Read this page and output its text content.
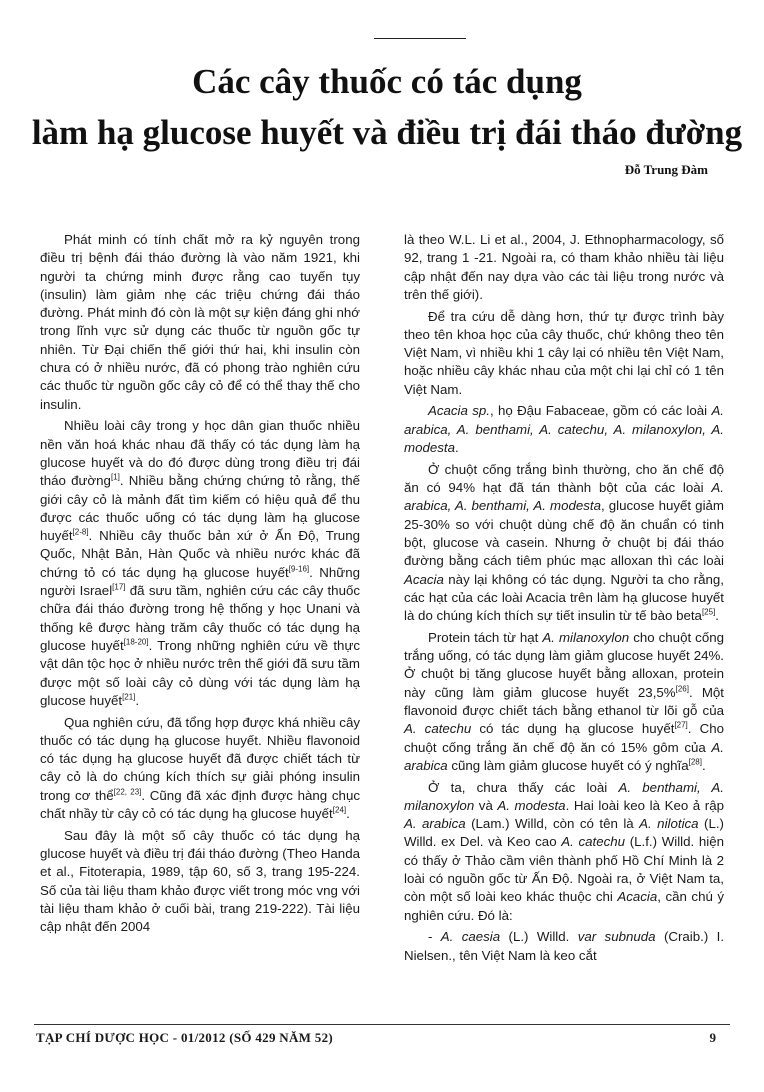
Các cây thuốc có tác dụng
làm hạ glucose huyết và điều trị đái tháo đường
Đỗ Trung Đàm

Phát minh có tính chất mở ra kỷ nguyên trong điều trị bệnh đái tháo đường là vào năm 1921, khi người ta chứng minh được rằng cao tuyến tụy (insulin) làm giảm nhẹ các triệu chứng đái tháo đường. Phát minh đó còn là một sự kiện đáng ghi nhớ trong lĩnh vực sử dụng các thuốc từ nguồn gốc tự nhiên. Từ Đại chiến thế giới thứ hai, khi insulin còn chưa có ở nhiều nước, đã có phong trào nghiên cứu các thuốc từ nguồn gốc cây cỏ để có thể thay thế cho insulin.

Nhiều loài cây trong y học dân gian thuốc nhiều nền văn hoá khác nhau đã thấy có tác dụng làm hạ glucose huyết và do đó được dùng trong điều trị đái tháo đường[1]. Nhiều bằng chứng chứng tỏ rằng, thế giới cây cỏ là mảnh đất tìm kiếm có hiệu quả để thu được các thuốc uống có tác dụng làm hạ glucose huyết[2-8]. Nhiều cây thuốc bản xứ ở Ấn Độ, Trung Quốc, Nhật Bản, Hàn Quốc và nhiều nước khác đã chứng tỏ có tác dụng hạ glucose huyết[9-16]. Những người Israel[17] đã sưu tầm, nghiên cứu các cây thuốc chữa đái tháo đường trong hệ thống y học Unani và thống kê được hàng trăm cây thuốc có tác dụng hạ glucose huyết[18-20]. Trong những nghiên cứu về thực vật dân tộc học ở nhiều nước trên thế giới đã sưu tầm được một số loài cây cỏ dùng với tác dụng làm hạ glucose huyết[21].

Qua nghiên cứu, đã tổng hợp được khá nhiều cây thuốc có tác dụng hạ glucose huyết. Nhiều flavonoid có tác dụng hạ glucose huyết đã được chiết tách từ cây cỏ là do chúng kích thích sự giải phóng insulin trong cơ thể[22, 23]. Cũng đã xác định được hàng chục chất nhầy từ cây cỏ có tác dụng hạ glucose huyết[24].

Sau đây là một số cây thuốc có tác dụng hạ glucose huyết và điều trị đái tháo đường (Theo Handa et al., Fitoterapia, 1989, tập 60, số 3, trang 195-224. Số của tài liệu tham khảo được viết trong móc vng với tài liệu tham khảo ở cuối bài, trang 219-222). Tài liệu cập nhật đến 2004

là theo W.L. Li et al., 2004, J. Ethnopharmacology, số 92, trang 1 -21. Ngoài ra, có tham khảo nhiều tài liệu cập nhật đến nay dựa vào các tài liệu trong nước và trên thế giới).

Để tra cứu dễ dàng hơn, thứ tự được trình bày theo tên khoa học của cây thuốc, chứ không theo tên Việt Nam, vì nhiều khi 1 cây lại có nhiều tên Việt Nam, hoặc nhiều cây khác nhau của một chi lại chỉ có 1 tên Việt Nam.

Acacia sp., họ Đậu Fabaceae, gồm có các loài A. arabica, A. benthami, A. catechu, A. milanoxylon, A. modesta.

Ở chuột cống trắng bình thường, cho ăn chế độ ăn có 94% hạt đã tán thành bột của các loài A. arabica, A. benthami, A. modesta, glucose huyết giảm 25-30% so với chuột dùng chế độ ăn chuẩn có tinh bột, glucose và casein. Nhưng ở chuột bị đái tháo đường bằng cách tiêm phúc mạc alloxan thì các loài Acacia này lại không có tác dụng. Người ta cho rằng, các hạt của các loài Acacia trên làm hạ glucose huyết là do chúng kích thích sự tiết insulin từ tế bào beta[25].

Protein tách từ hạt A. milanoxylon cho chuột cống trắng uống, có tác dụng làm giảm glucose huyết 24%. Ở chuột bị tăng glucose huyết bằng alloxan, protein này cũng làm giảm glucose huyết 23,5%[26]. Một flavonoid được chiết tách bằng ethanol từ lõi gỗ của A. catechu có tác dụng hạ glucose huyết[27]. Cho chuột cống trắng ăn chế độ ăn có 15% gôm của A. arabica cũng làm giảm glucose huyết có ý nghĩa[28].

Ở ta, chưa thấy các loài A. benthami, A. milanoxylon và A. modesta. Hai loài keo là Keo ả rập A. arabica (Lam.) Willd, còn có tên là A. nilotica (L.) Willd. ex Del. và Keo cao A. catechu (L.f.) Willd. hiện có thấy ở Thảo cầm viên thành phố Hồ Chí Minh là 2 loài có nguồn gốc từ Ấn Độ. Ngoài ra, ở Việt Nam ta, còn một số loài keo khác thuộc chi Acacia, cần chú ý nghiên cứu. Đó là:

- A. caesia (L.) Willd. var subnuda (Craib.) I. Nielsen., tên Việt Nam là keo cắt

TẠP CHÍ DƯỢC HỌC - 01/2012 (SỐ 429 NĂM 52)	9
